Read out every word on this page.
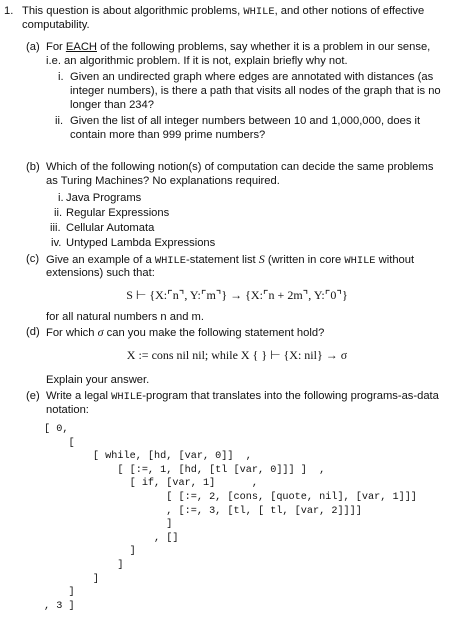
1. This question is about algorithmic problems, WHILE, and other notions of effective
computability.
(a) For EACH of the following problems, say whether it is a problem in our sense,
i.e. an algorithmic problem. If it is not, explain briefly why not.
i. Given an undirected graph where edges are annotated with distances (as
integer numbers), is there a path that visits all nodes of the graph that is no
longer than 234?
ii. Given the list of all integer numbers between 10 and 1,000,000, does it
contain more than 999 prime numbers?
(b) Which of the following notion(s) of computation can decide the same problems
as Turing Machines? No explanations required.
i. Java Programs
ii. Regular Expressions
iii. Cellular Automata
iv. Untyped Lambda Expressions
(c) Give an example of a WHILE-statement list S (written in core WHILE without
extensions) such that:
S ⊢ {X:⌜n⌝, Y:⌜m⌝} → {X:⌜n + 2m⌝, Y:⌜0⌝}
for all natural numbers n and m.
(d) For which σ can you make the following statement hold?
X := cons nil nil; while X { } ⊢ {X: nil} → σ
Explain your answer.
(e) Write a legal WHILE-program that translates into the following programs-as-data
notation:
[ 0,
[
[ while, [hd, [var, 0]]  ,
[ [:=, 1, [hd, [tl [var, 0]]] ]  ,
[ if, [var, 1]      ,
[ [:=, 2, [cons, [quote, nil], [var, 1]]]
, [:=, 3, [tl, [ tl, [var, 2]]]]
]
, []
]
]
]
]
, 3 ]
